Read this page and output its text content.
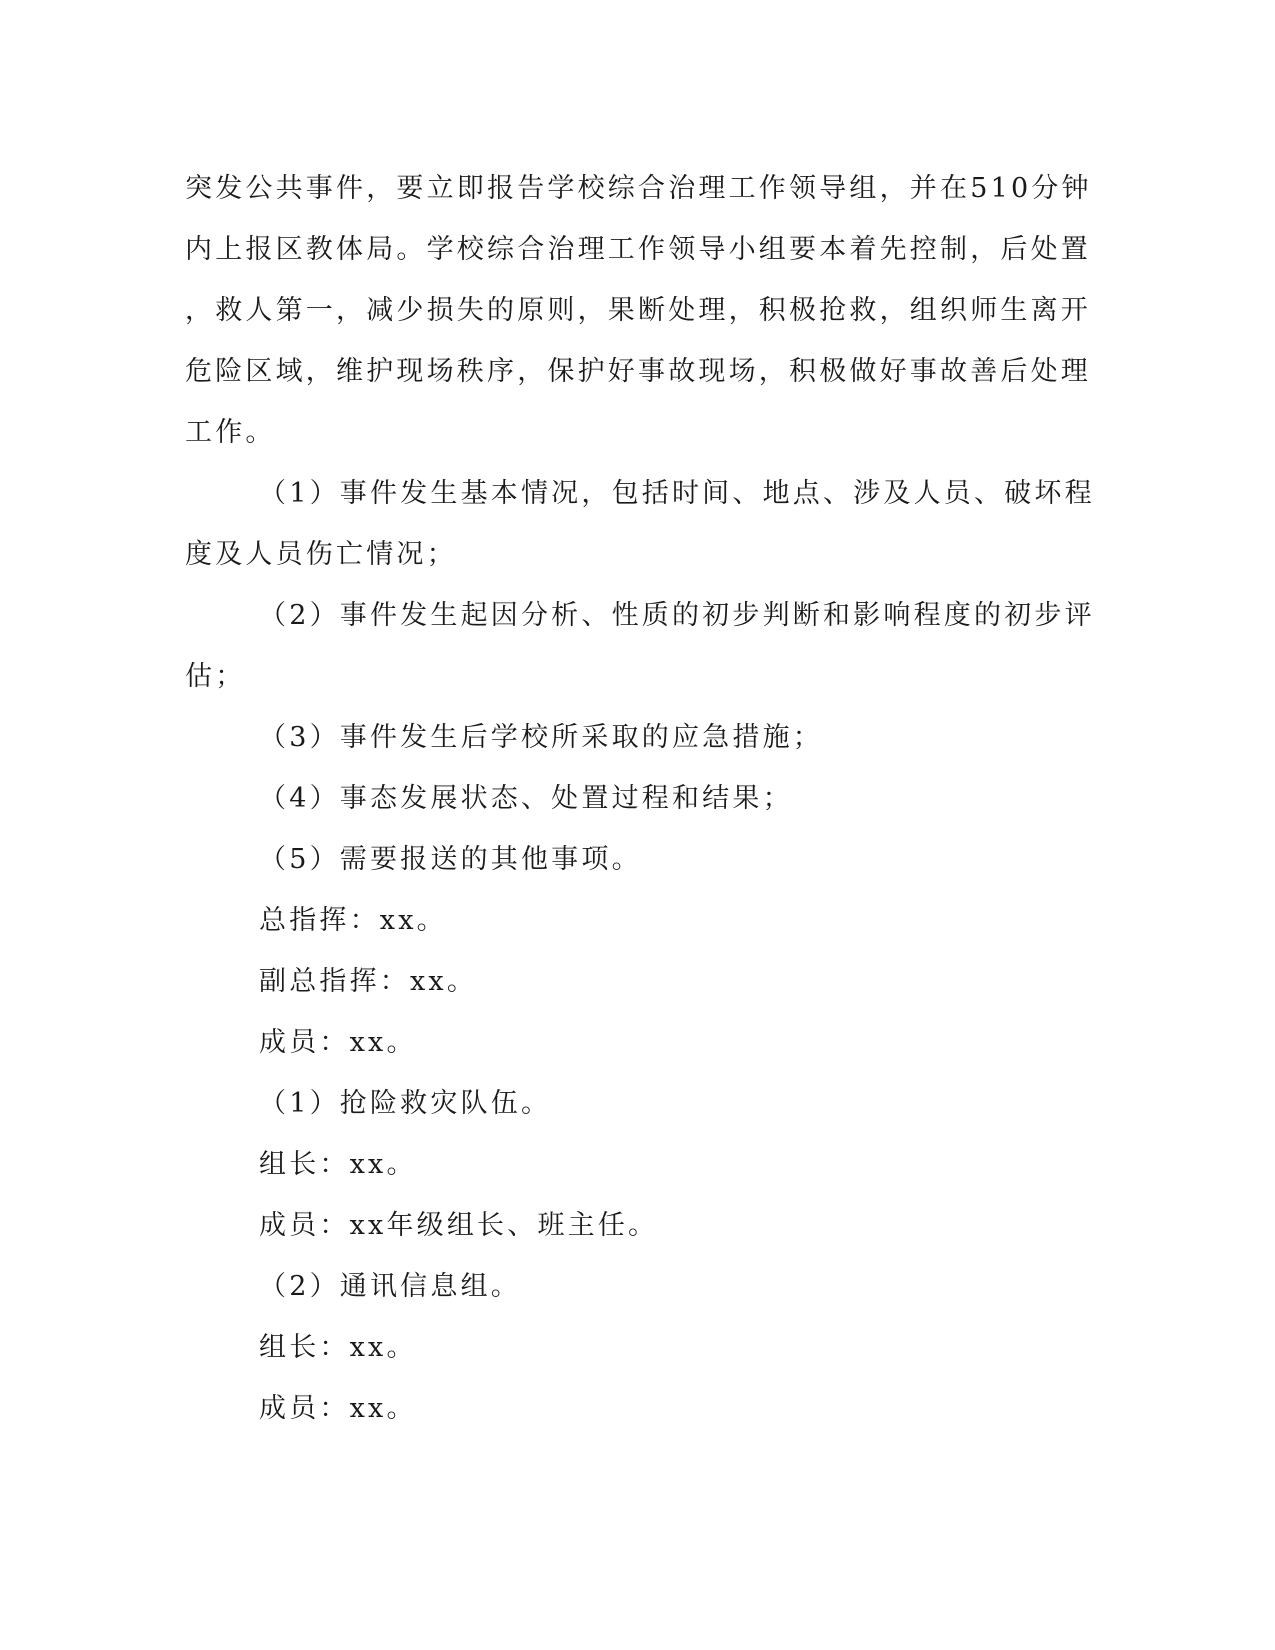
突发公共事件，要立即报告学校综合治理工作领导组，并在510分钟
内上报区教体局。学校综合治理工作领导小组要本着先控制，后处置
，救人第一，减少损失的原则，果断处理，积极抢救，组织师生离开
危险区域，维护现场秩序，保护好事故现场，积极做好事故善后处理
工作。
（1）事件发生基本情况，包括时间、地点、涉及人员、破坏程
度及人员伤亡情况；
（2）事件发生起因分析、性质的初步判断和影响程度的初步评
估；
（3）事件发生后学校所采取的应急措施；
（4）事态发展状态、处置过程和结果；
（5）需要报送的其他事项。
总指挥：xx。
副总指挥：xx。
成员：xx。
（1）抢险救灾队伍。
组长：xx。
成员：xx年级组长、班主任。
（2）通讯信息组。
组长：xx。
成员：xx。
